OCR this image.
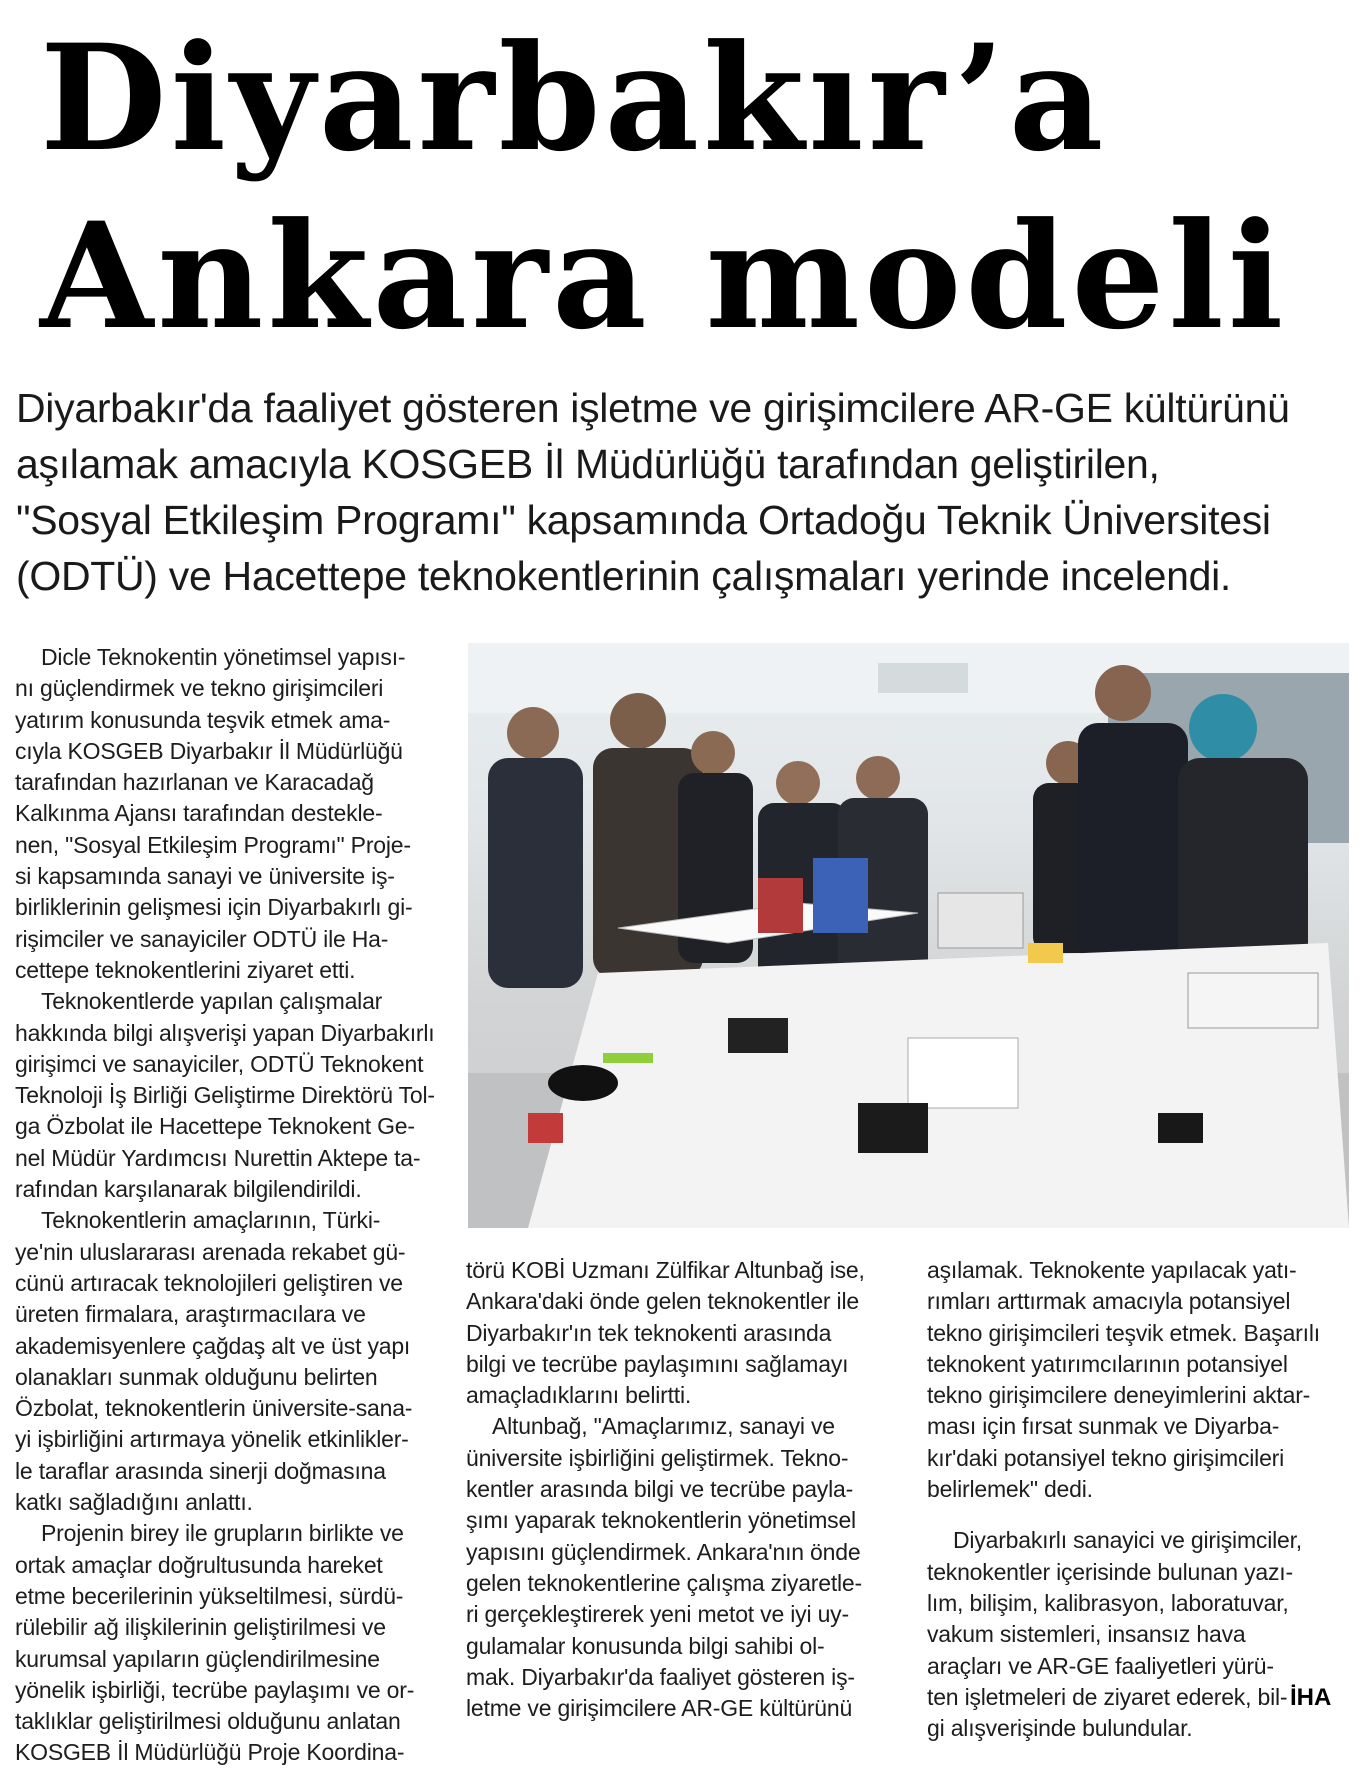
Diyarbakır’a
Ankara modeli

Diyarbakır'da faaliyet gösteren işletme ve girişimcilere AR-GE kültürünü
aşılamak amacıyla KOSGEB İl Müdürlüğü tarafından geliştirilen,
"Sosyal Etkileşim Programı" kapsamında Ortadoğu Teknik Üniversitesi
(ODTÜ) ve Hacettepe teknokentlerinin çalışmaları yerinde incelendi.

Dicle Teknokentin yönetimsel yapısı-
nı güçlendirmek ve tekno girişimcileri
yatırım konusunda teşvik etmek ama-
cıyla KOSGEB Diyarbakır İl Müdürlüğü
tarafından hazırlanan ve Karacadağ
Kalkınma Ajansı tarafından destekle-
nen, "Sosyal Etkileşim Programı" Proje-
si kapsamında sanayi ve üniversite iş-
birliklerinin gelişmesi için Diyarbakırlı gi-
rişimciler ve sanayiciler ODTÜ ile Ha-
cettepe teknokentlerini ziyaret etti.
Teknokentlerde yapılan çalışmalar
hakkında bilgi alışverişi yapan Diyarbakırlı
girişimci ve sanayiciler, ODTÜ Teknokent
Teknoloji İş Birliği Geliştirme Direktörü Tol-
ga Özbolat ile Hacettepe Teknokent Ge-
nel Müdür Yardımcısı Nurettin Aktepe ta-
rafından karşılanarak bilgilendirildi.
Teknokentlerin amaçlarının, Türki-
ye'nin uluslararası arenada rekabet gü-
cünü artıracak teknolojileri geliştiren ve
üreten firmalara, araştırmacılara ve
akademisyenlere çağdaş alt ve üst yapı
olanakları sunmak olduğunu belirten
Özbolat, teknokentlerin üniversite-sana-
yi işbirliğini artırmaya yönelik etkinlikler-
le taraflar arasında sinerji doğmasına
katkı sağladığını anlattı.
Projenin birey ile grupların birlikte ve
ortak amaçlar doğrultusunda hareket
etme becerilerinin yükseltilmesi, sürdü-
rülebilir ağ ilişkilerinin geliştirilmesi ve
kurumsal yapıların güçlendirilmesine
yönelik işbirliği, tecrübe paylaşımı ve or-
taklıklar geliştirilmesi olduğunu anlatan
KOSGEB İl Müdürlüğü Proje Koordina-
törü KOBİ Uzmanı Zülfikar Altunbağ ise,
Ankara'daki önde gelen teknokentler ile
Diyarbakır'ın tek teknokenti arasında
bilgi ve tecrübe paylaşımını sağlamayı
amaçladıklarını belirtti.
Altunbağ, "Amaçlarımız, sanayi ve
üniversite işbirliğini geliştirmek. Tekno-
kentler arasında bilgi ve tecrübe payla-
şımı yaparak teknokentlerin yönetimsel
yapısını güçlendirmek. Ankara'nın önde
gelen teknokentlerine çalışma ziyaretle-
ri gerçekleştirerek yeni metot ve iyi uy-
gulamalar konusunda bilgi sahibi ol-
mak. Diyarbakır'da faaliyet gösteren iş-
letme ve girişimcilere AR-GE kültürünü
aşılamak. Teknokente yapılacak yatı-
rımları arttırmak amacıyla potansiyel
tekno girişimcileri teşvik etmek. Başarılı
teknokent yatırımcılarının potansiyel
tekno girişimcilere deneyimlerini aktar-
ması için fırsat sunmak ve Diyarba-
kır'daki potansiyel tekno girişimcileri
belirlemek" dedi.
Diyarbakırlı sanayici ve girişimciler,
teknokentler içerisinde bulunan yazı-
lım, bilişim, kalibrasyon, laboratuvar,
vakum sistemleri, insansız hava
araçları ve AR-GE faaliyetleri yürü-
ten işletmeleri de ziyaret ederek, bil-
gi alışverişinde bulundular.
İHA
